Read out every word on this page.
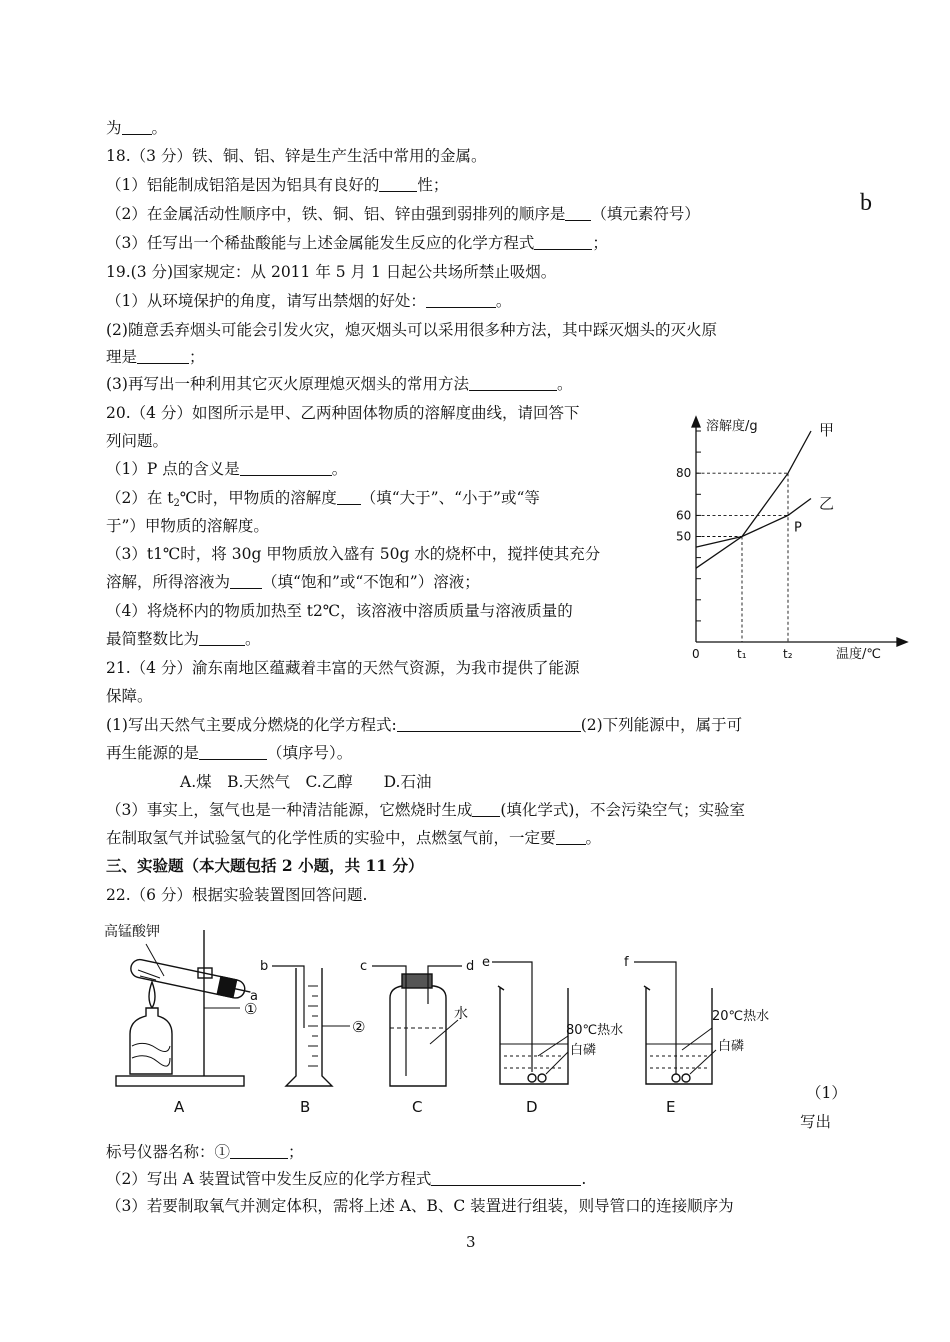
为 。
18.（3 分）铁、铜、铝、锌是生产生活中常用的金属。
（1）铝能制成铝箔是因为铝具有良好的 性；
（2）在金属活动性顺序中，铁、铜、铝、锌由强到弱排列的顺序是 （填元素符号）	b
（3）任写出一个稀盐酸能与上述金属能发生反应的化学方程式	；
19.(3 分)国家规定：从 2011 年 5 月 1 日起公共场所禁止吸烟。
（1）从环境保护的角度，请写出禁烟的好处：	。
(2)随意丢弃烟头可能会引发火灾，熄灭烟头可以采用很多种方法，其中踩灭烟头的灭火原
理是	；
(3)再写出一种利用其它灭火原理熄灭烟头的常用方法	。
20.（4 分）如图所示是甲、乙两种固体物质的溶解度曲线，请回答下
列问题。
（1）P 点的含义是	。
（2）在 $t_2℃$时，甲物质的溶解度 （填“大于”、“小于”或“等
于”）甲物质的溶解度。
（3）t1℃时，将 30g 甲物质放入盛有 50g 水的烧杯中，搅拌使其充分
溶解，所得溶液为 （填“饱和”或“不饱和”）溶液；
（4）将烧杯内的物质加热至 t2℃，该溶液中溶质质量与溶液质量的
最简整数比为	。
21.（4 分）渝东南地区蕴藏着丰富的天然气资源，为我市提供了能源
保障。
(1)写出天然气主要成分燃烧的化学方程式:	(2)下列能源中，属于可
再生能源的是	（填序号）。
A.煤　B.天然气　C.乙醇　　D.石油
（3）事实上，氢气也是一种清洁能源，它燃烧时生成 (填化学式)，不会污染空气；实验室
在制取氢气并试验氢气的化学性质的实验中，点燃氢气前，一定要 。
三、实验题（本大题包括 2 小题，共 11 分）
22.（6 分）根据实验装置图回答问题.
（1）
写出
标号仪器名称：①	；
（2）写出 A 装置试管中发生反应的化学方程式	.
（3）若要制取氧气并测定体积，需将上述 A、B、C 装置进行组装，则导管口的连接顺序为
3
甲
乙
50
60
80
t₁	t₂
0
溶解度/g
温度/℃
P
高锰酸钾
A	B	C	D	E
①
②
a
b	c	d e	f
水
80℃热水
20℃热水
白磷	白磷
